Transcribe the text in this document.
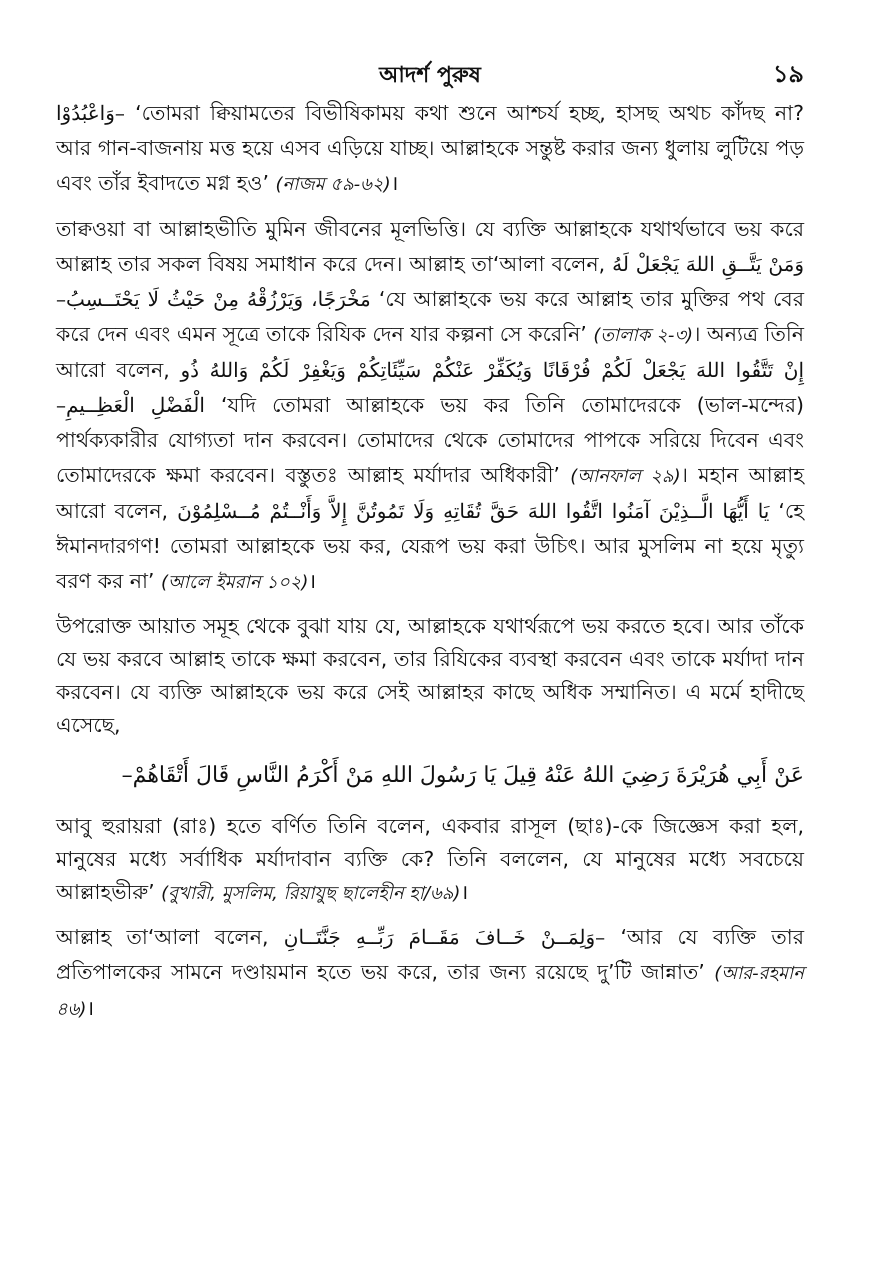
আদর্শ পুরুষ	১৯

–وَاعْبُدُوْا ‘তোমরা ক্বিয়ামতের বিভীষিকাময় কথা শুনে আশ্চর্য হচ্ছ, হাসছ অথচ কাঁদছ না? আর গান-বাজনায় মত্ত হয়ে এসব এড়িয়ে যাচ্ছ। আল্লাহকে সন্তুষ্ট করার জন্য ধুলায় লুটিয়ে পড় এবং তাঁর ইবাদতে মগ্ন হও’ (নাজম ৫৯-৬২)।

তাক্বওয়া বা আল্লাহভীতি মুমিন জীবনের মূলভিত্তি। যে ব্যক্তি আল্লাহকে যথার্থভাবে ভয় করে আল্লাহ তার সকল বিষয় সমাধান করে দেন। আল্লাহ তা‘আলা বলেন, وَمَنْ يَتَّــقِ اللهَ يَجْعَلْ لَهُ مَخْرَجًا، وَيَرْزُقْهُ مِنْ حَيْثُ لَا يَحْتَــسِبُ– ‘যে আল্লাহকে ভয় করে আল্লাহ তার মুক্তির পথ বের করে দেন এবং এমন সূত্রে তাকে রিযিক দেন যার কল্পনা সে করেনি’ (তালাক ২-৩)। অন্যত্র তিনি আরো বলেন, إِنْ تَتَّقُوا اللهَ يَجْعَلْ لَكُمْ فُرْقَانًا وَيُكَفِّرْ عَنْكُمْ سَيِّئَاتِكُمْ وَيَغْفِرْ لَكُمْ وَاللهُ ذُو الْفَضْلِ الْعَظِــيمِ– ‘যদি তোমরা আল্লাহকে ভয় কর তিনি তোমাদেরকে (ভাল-মন্দের) পার্থক্যকারীর যোগ্যতা দান করবেন। তোমাদের থেকে তোমাদের পাপকে সরিয়ে দিবেন এবং তোমাদেরকে ক্ষমা করবেন। বস্তুতঃ আল্লাহ মর্যাদার অধিকারী’ (আনফাল ২৯)। মহান আল্লাহ আরো বলেন, يَا أَيُّهَا الَّــذِيْنَ آمَنُوا اتَّقُوا اللهَ حَقَّ تُقَاتِهِ وَلَا تَمُوتُنَّ إِلاَّ وَأَنْــتُمْ مُــسْلِمُوْنَ ‘হে ঈমানদারগণ! তোমরা আল্লাহকে ভয় কর, যেরূপ ভয় করা উচিৎ। আর মুসলিম না হয়ে মৃত্যু বরণ কর না’ (আলে ইমরান ১০২)।

উপরোক্ত আয়াত সমূহ থেকে বুঝা যায় যে, আল্লাহকে যথার্থরূপে ভয় করতে হবে। আর তাঁকে যে ভয় করবে আল্লাহ তাকে ক্ষমা করবেন, তার রিযিকের ব্যবস্থা করবেন এবং তাকে মর্যাদা দান করবেন। যে ব্যক্তি আল্লাহকে ভয় করে সেই আল্লাহর কাছে অধিক সম্মানিত। এ মর্মে হাদীছে এসেছে,

عَنْ أَبِي هُرَيْرَةَ رَضِيَ اللهُ عَنْهُ قِيلَ يَا رَسُولَ اللهِ مَنْ أَكْرَمُ النَّاسِ قَالَ أَتْقَاهُمْ–

আবু হুরায়রা (রাঃ) হতে বর্ণিত তিনি বলেন, একবার রাসূল (ছাঃ)-কে জিজ্ঞেস করা হল, মানুষের মধ্যে সর্বাধিক মর্যাদাবান ব্যক্তি কে? তিনি বললেন, যে মানুষের মধ্যে সবচেয়ে আল্লাহভীরু’ (বুখারী, মুসলিম, রিয়াযুছ ছালেহীন হা/৬৯)।

আল্লাহ তা‘আলা বলেন, –وَلِمَــنْ خَــافَ مَقَــامَ رَبِّــهِ جَنَّتَــانِ ‘আর যে ব্যক্তি তার প্রতিপালকের সামনে দণ্ডায়মান হতে ভয় করে, তার জন্য রয়েছে দু’টি জান্নাত’ (আর-রহমান ৪৬)।
